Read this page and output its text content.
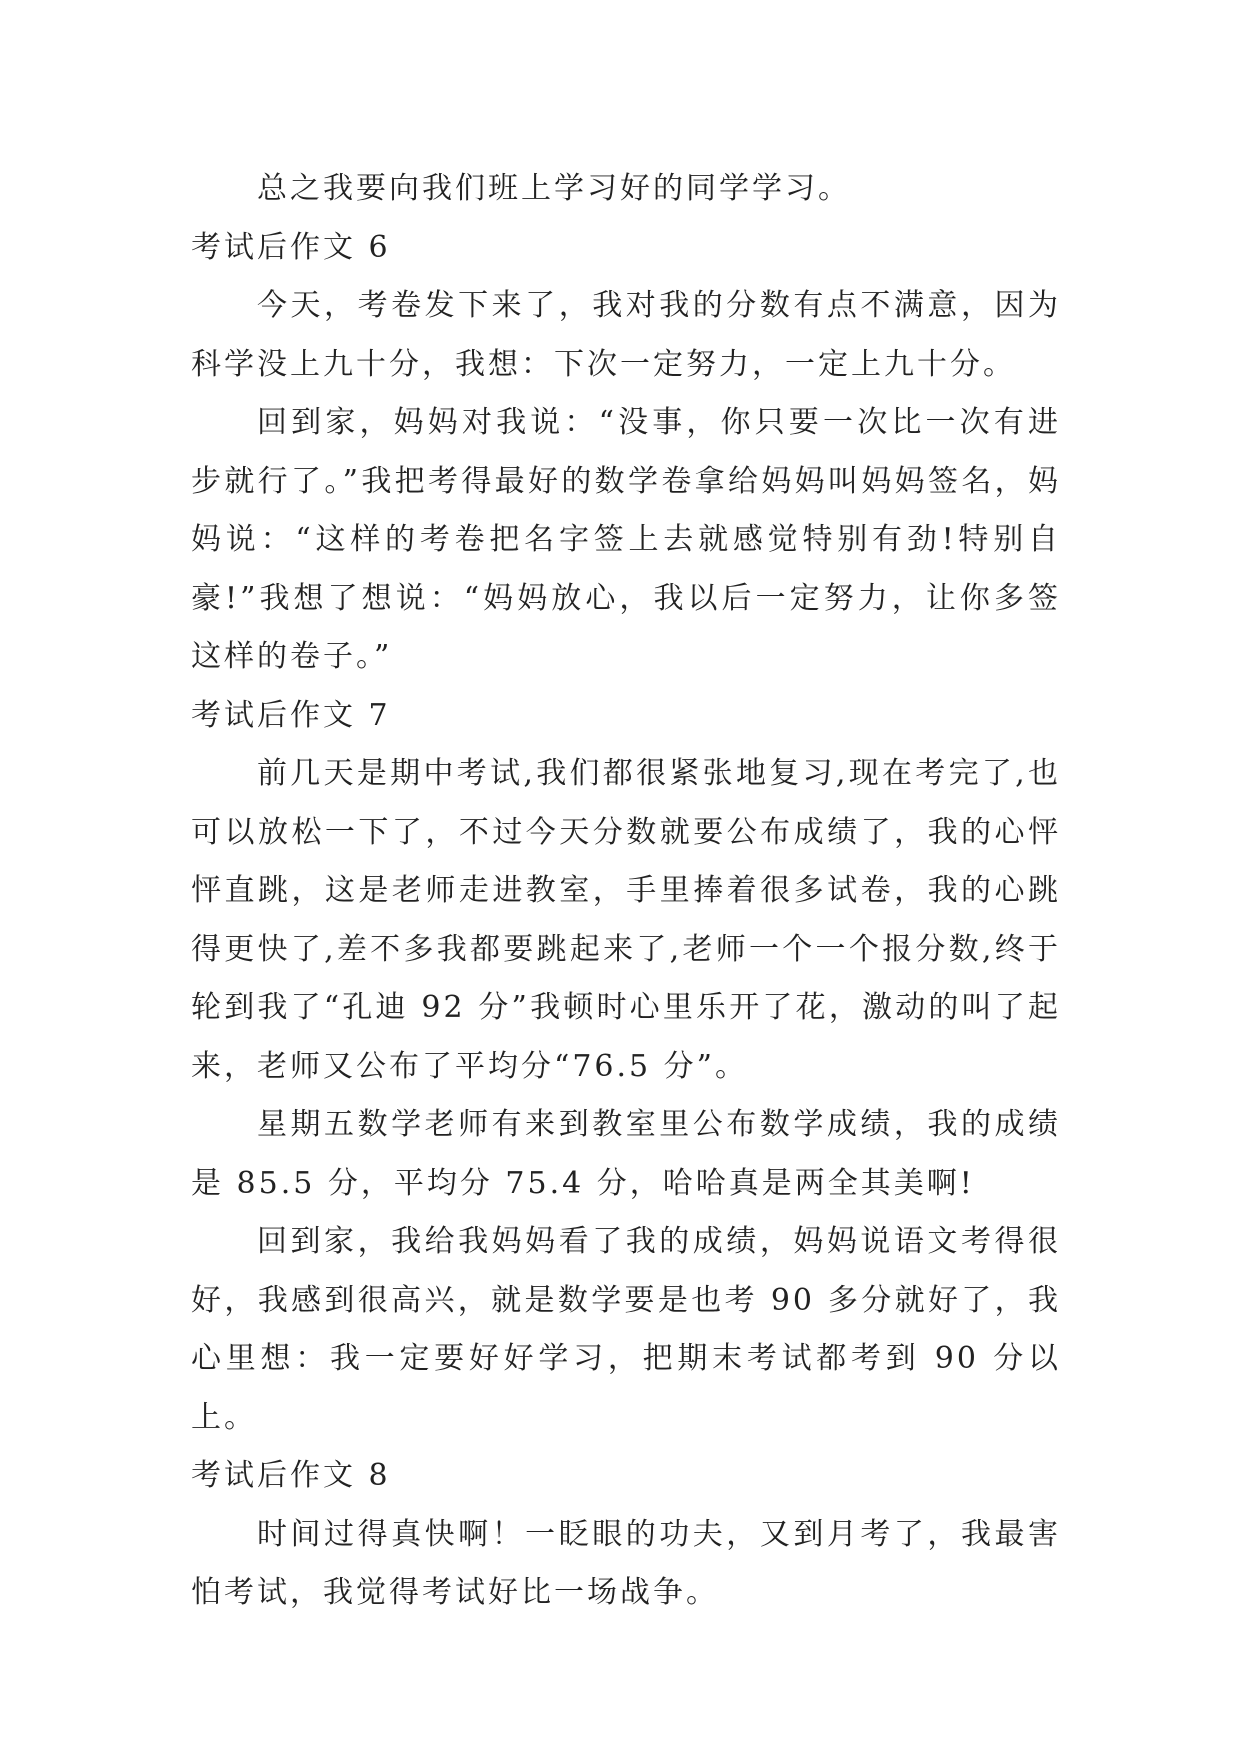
总之我要向我们班上学习好的同学学习。

考试后作文 6

今天，考卷发下来了，我对我的分数有点不满意，因为科学没上九十分，我想：下次一定努力，一定上九十分。

回到家，妈妈对我说：“没事，你只要一次比一次有进步就行了。”我把考得最好的数学卷拿给妈妈叫妈妈签名，妈妈说：“这样的考卷把名字签上去就感觉特别有劲!特别自豪!”我想了想说：“妈妈放心，我以后一定努力，让你多签这样的卷子。”

考试后作文 7

前几天是期中考试,我们都很紧张地复习,现在考完了,也可以放松一下了，不过今天分数就要公布成绩了，我的心怦怦直跳，这是老师走进教室，手里捧着很多试卷，我的心跳得更快了,差不多我都要跳起来了,老师一个一个报分数,终于轮到我了“孔迪 92 分”我顿时心里乐开了花，激动的叫了起来，老师又公布了平均分“76.5 分”。

星期五数学老师有来到教室里公布数学成绩，我的成绩是 85.5 分，平均分 75.4 分，哈哈真是两全其美啊!

回到家，我给我妈妈看了我的成绩，妈妈说语文考得很好，我感到很高兴，就是数学要是也考 90 多分就好了，我心里想：我一定要好好学习，把期末考试都考到 90 分以上。

考试后作文 8

时间过得真快啊！一眨眼的功夫，又到月考了，我最害怕考试，我觉得考试好比一场战争。
